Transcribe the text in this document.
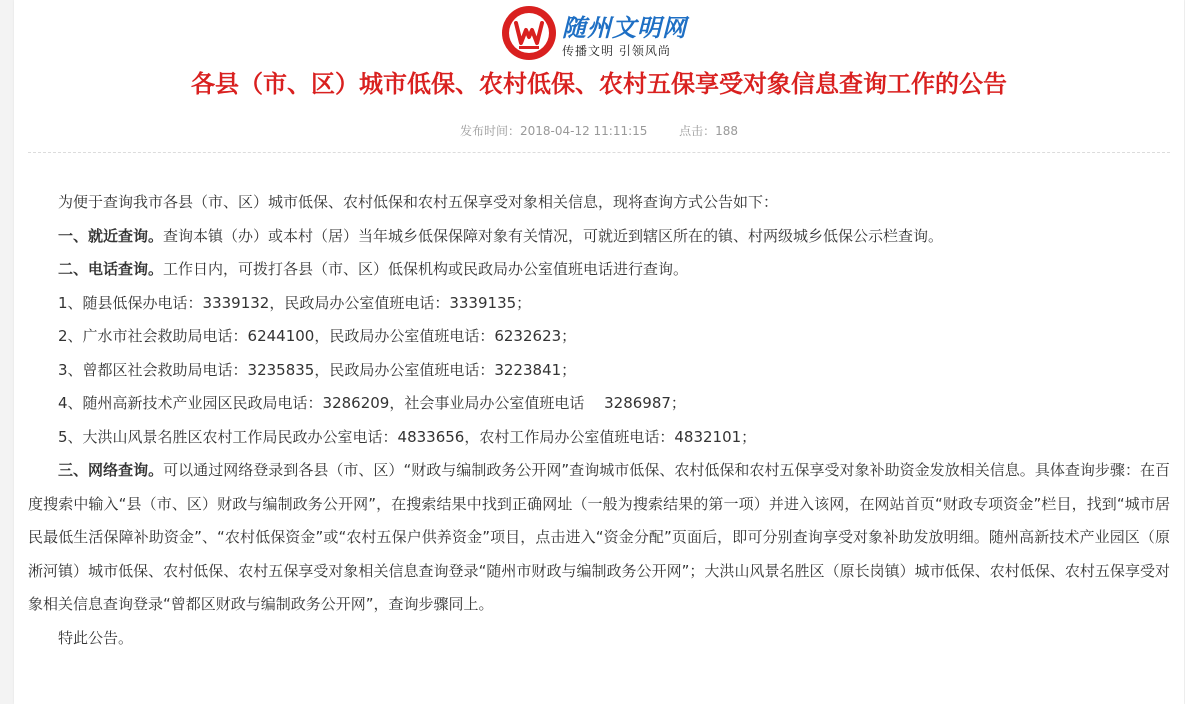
随州文明网
传播文明 引领风尚
各县（市、区）城市低保、农村低保、农村五保享受对象信息查询工作的公告
发布时间：2018-04-12 11:11:15	点击：188

为便于查询我市各县（市、区）城市低保、农村低保和农村五保享受对象相关信息，现将查询方式公告如下：

一、就近查询。查询本镇（办）或本村（居）当年城乡低保保障对象有关情况，可就近到辖区所在的镇、村两级城乡低保公示栏查询。

二、电话查询。工作日内，可拨打各县（市、区）低保机构或民政局办公室值班电话进行查询。

1、随县低保办电话：3339132，民政局办公室值班电话：3339135；

2、广水市社会救助局电话：6244100，民政局办公室值班电话：6232623；

3、曾都区社会救助局电话：3235835，民政局办公室值班电话：3223841；

4、随州高新技术产业园区民政局电话：3286209，社会事业局办公室值班电话　 3286987；

5、大洪山风景名胜区农村工作局民政办公室电话：4833656，农村工作局办公室值班电话：4832101；

三、网络查询。可以通过网络登录到各县（市、区）“财政与编制政务公开网”查询城市低保、农村低保和农村五保享受对象补助资金发放相关信息。具体查询步骤：在百度搜索中输入“县（市、区）财政与编制政务公开网”，在搜索结果中找到正确网址（一般为搜索结果的第一项）并进入该网，在网站首页“财政专项资金”栏目，找到“城市居民最低生活保障补助资金”、“农村低保资金”或“农村五保户供养资金”项目，点击进入“资金分配”页面后，即可分别查询享受对象补助发放明细。随州高新技术产业园区（原淅河镇）城市低保、农村低保、农村五保享受对象相关信息查询登录“随州市财政与编制政务公开网”；大洪山风景名胜区（原长岗镇）城市低保、农村低保、农村五保享受对象相关信息查询登录“曾都区财政与编制政务公开网”，查询步骤同上。

特此公告。
